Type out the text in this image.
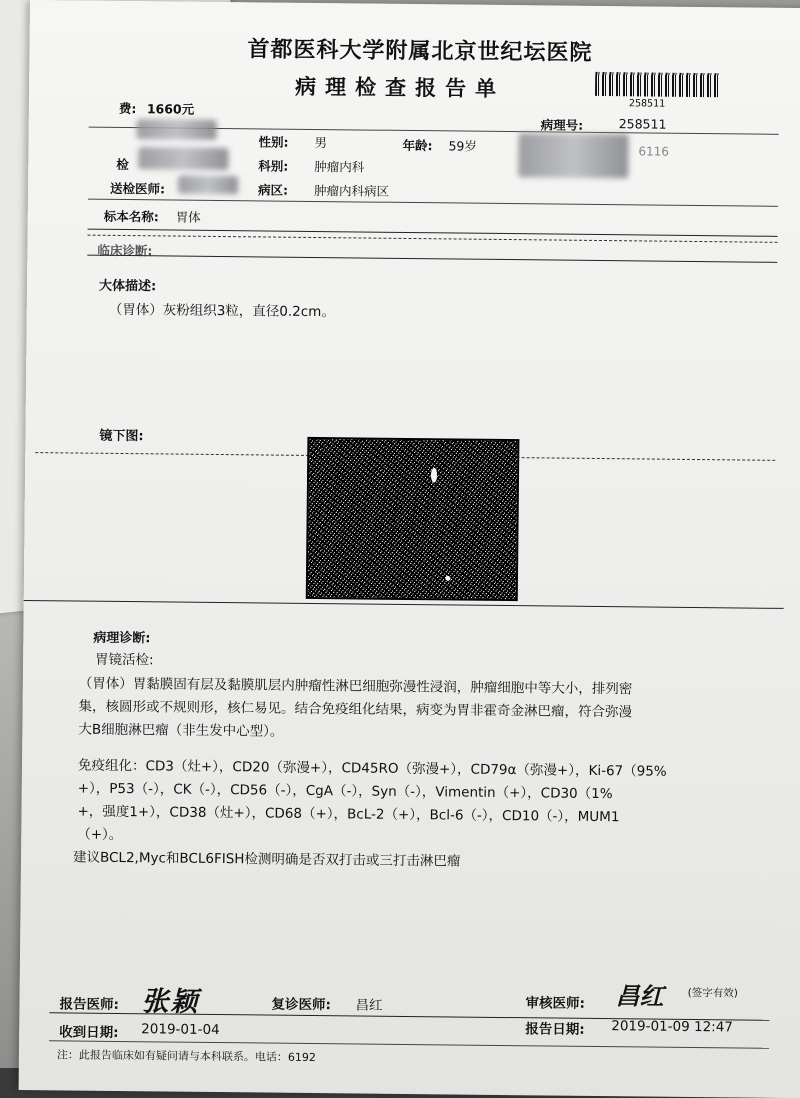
首都医科大学附属北京世纪坛医院
病理检查报告单
258511
费: 1660元
病理号:	258511
性别: 男	年龄: 59岁	6116
检	科别: 肿瘤内科
送检医师:	病区: 肿瘤内科病区
标本名称: 胃体
临床诊断:
大体描述:
（胃体）灰粉组织3粒，直径0.2cm。
镜下图:
病理诊断:
胃镜活检:
（胃体）胃黏膜固有层及黏膜肌层内肿瘤性淋巴细胞弥漫性浸润，肿瘤细胞中等大小，排列密
集，核圆形或不规则形，核仁易见。结合免疫组化结果，病变为胃非霍奇金淋巴瘤，符合弥漫
大B细胞淋巴瘤（非生发中心型）。
免疫组化：CD3（灶+），CD20（弥漫+），CD45RO（弥漫+），CD79α（弥漫+），Ki-67（95%
+），P53（-），CK（-），CD56（-），CgA（-），Syn（-），Vimentin（+），CD30（1%
+，强度1+），CD38（灶+），CD68（+），BcL-2（+），Bcl-6（-），CD10（-），MUM1
（+）。
建议BCL2,Myc和BCL6FISH检测明确是否双打击或三打击淋巴瘤
报告医师: 张颖	复诊医师: 昌红	审核医师: 昌红 (签字有效)
收到日期: 2019-01-04	报告日期: 2019-01-09 12:47
注：此报告临床如有疑问请与本科联系。电话：6192
